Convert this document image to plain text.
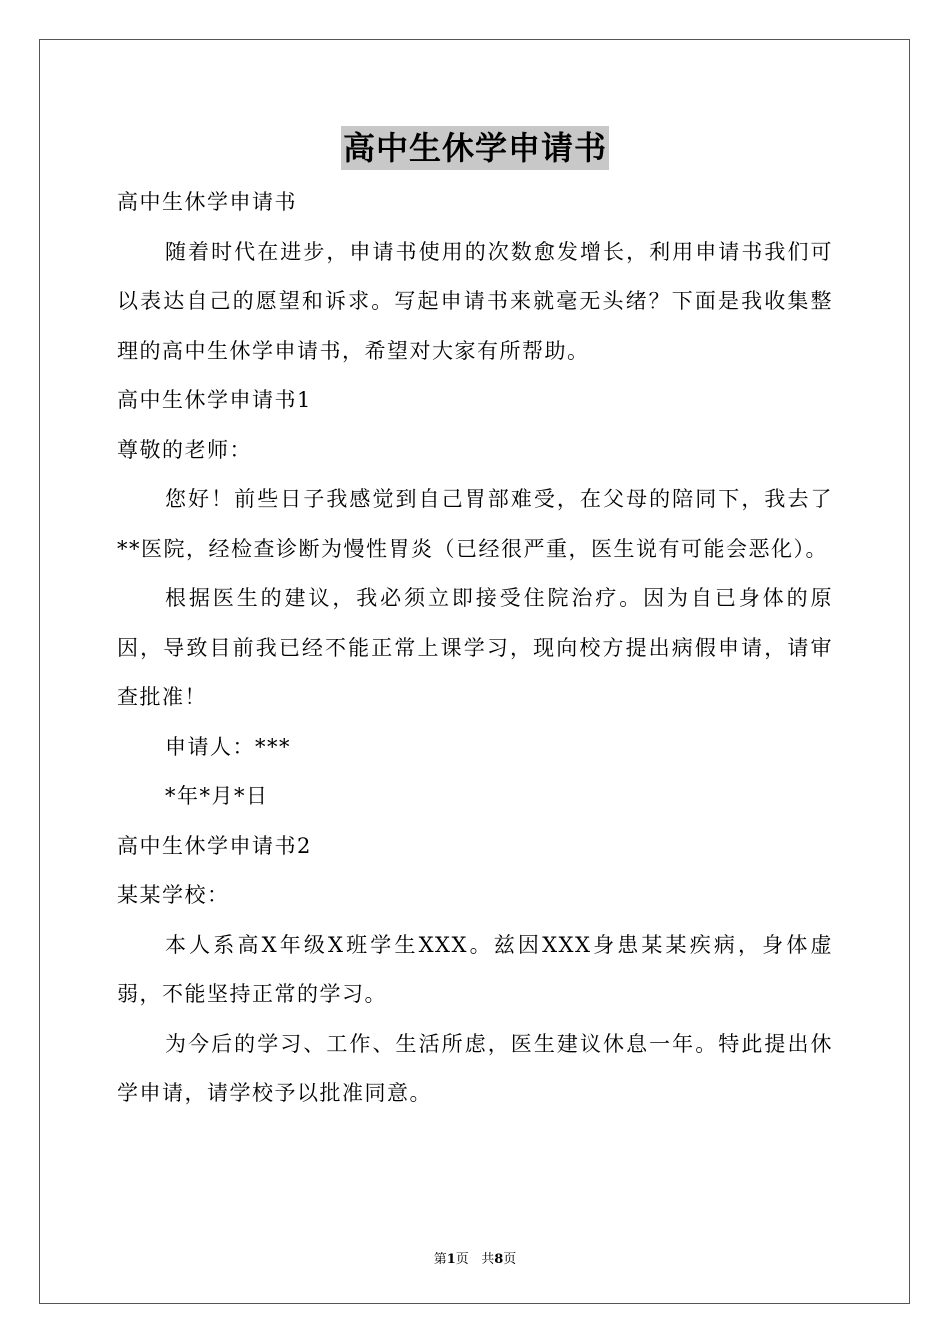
高中生休学申请书

高中生休学申请书

随着时代在进步，申请书使用的次数愈发增长，利用申请书我们可以表达自己的愿望和诉求。写起申请书来就毫无头绪？下面是我收集整理的高中生休学申请书，希望对大家有所帮助。

高中生休学申请书1

尊敬的老师：

您好！前些日子我感觉到自己胃部难受，在父母的陪同下，我去了**医院，经检查诊断为慢性胃炎（已经很严重，医生说有可能会恶化）。

根据医生的建议，我必须立即接受住院治疗。因为自已身体的原因，导致目前我已经不能正常上课学习，现向校方提出病假申请，请审查批准！

申请人：***

*年*月*日

高中生休学申请书2

某某学校：

本人系高X年级X班学生XXX。兹因XXX身患某某疾病，身体虚弱，不能坚持正常的学习。

为今后的学习、工作、生活所虑，医生建议休息一年。特此提出休学申请，请学校予以批准同意。

第1页 共8页
